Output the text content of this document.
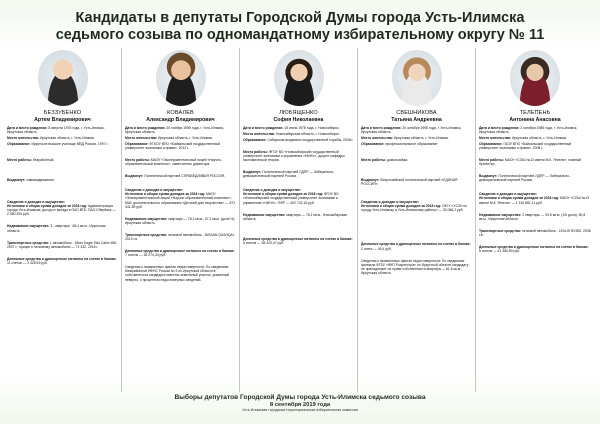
Кандидаты в депутаты Городской Думы города Усть-Илимска
седьмого созыва по одномандатному избирательному округу № 11
БЕЗЗУБЕНКО
Артем Владимирович
Дата и место рождения: 8 августа 1976 года, г. Усть-Илимск, Иркутская область.
Место жительства: Иркутская область, г. Усть-Илимск.
Образование: Иркутское высшее училище МВД России, 1997 г.
Место работы: безработный.
Выдвинут: самовыдвижение.
Сведения о доходах и имуществе:
Источники и общая сумма доходов за 2018 год: Администрация города Усть-Илимска, доход от вклада в ПАО ВТБ, ПАО Сбербанк — 2 080 394 руб.
Недвижимое имущество: 3 - квартира - 65,4 кв.м., Иркутская область.
Транспортные средства: 1 автомобиль - Silver Eagle Star Cabin 650, 2007 г., прицеп к легковому автомобилю — 71 432, 2018 г.
Денежные средства и драгоценные металлы на счетах в банках: 11 счетов — 3 425,53 руб.
КОВАЛЕВ
Александр Владимирович
Дата и место рождения: 20 ноября 1989 года, г. Усть-Илимск, Иркутская область.
Место жительства: Иркутская область, г. Усть-Илимск.
Образование: ФГБОУ ВПО «Байкальский государственный университет экономики и права», 2012 г.
Место работы: МАОУ «Экспериментальный лицей «Научно-образовательный комплекс», заместитель директора.
Выдвинут: Политической партией СПРАВЕДЛИВАЯ РОССИЯ.
Сведения о доходах и имуществе:
Источники и общая сумма доходов за 2018 год: МАОУ «Экспериментальный лицей «Научно-образовательный комплекс», МАУ дополнительного образования «Детский дом творчества» — 871 341,89 руб.
Недвижимое имущество: квартира — 78,1 кв.м., 47,2 кв.м. (доля ½), Иркутская область.
Транспортные средства: легковой автомобиль - NISSAN QASHQAI, 2013 г.в.
Денежные средства и драгоценные металлы на счетах в банках: 7 счетов — 18 274,33 руб.
Сведения о выявленных фактах недостоверности: По сведениям Межрайонной ИФНС России № 9 по Иркутской области в собственности кандидата имеется земельный участок, указанный неверно, с процентом недостоверных сведений.
ЛЮБЯЩЕНКО
София Николаевна
Дата и место рождения: 15 июня 1978 года, г. Новосибирск.
Место жительства: Новосибирская область, г. Новосибирск.
Образование: Сибирская академия государственной службы, 2008 г.
Место работы: ФГОУ ВО «Новосибирский государственный университет экономики и управления «НИНХ», доцент кафедры экономической теории.
Выдвинут: Политической партией ЛДПР — Либерально-демократической партией России.
Сведения о доходах и имуществе:
Источники и общая сумма доходов за 2018 год: ФГОУ ВО «Новосибирский государственный университет экономики и управления «НИНХ», ПФР — 402 742,16 руб.
Недвижимое имущество: квартира — 78,1 кв.м., Новосибирская область.
Денежные средства и драгоценные металлы на счетах в банках: 5 счетов — 38 420,47 руб.
СВЕШНИКОВА
Татьяна Андреевна
Дата и место рождения: 20 октября 1996 года, г. Усть-Илимск, Иркутская область.
Место жительства: Иркутская область, г. Усть-Илимск.
Образование: профессиональное образование
Место работы: домохозяйка.
Выдвинут: Всероссийской политической партией «ЕДИНАЯ РОССИЯ».
Сведения о доходах и имуществе:
Источники и общая сумма доходов за 2018 год: ОКГУ «УСЗН по городу Усть-Илимску и Усть-Илимскому району» — 30 066,2 руб.
Денежные средства и драгоценные металлы на счетах в банках: 2 счета — 45,4 руб.
Сведения о выявленных фактах недостоверности: По сведениям филиала ФГБУ «ФКП Росреестра» по Иркутской области кандидату не принадлежит на праве собственности квартира — 61,6 кв.м., Иркутская область.
ТЕЛЕПЕНЬ
Антонина Анасовна
Дата и место рождения: 2 октября 1985 года, г. Усть-Илимск, Иркутская область.
Место жительства: Иркутская область, г. Усть-Илимск.
Образование: ГАОУ ВПО «Байкальский государственный университет экономики и права», 2008 г.
Место работы: МАОУ «СОШ №13 имени М.К. Янгеля», главный бухгалтер.
Выдвинут: Политической партией ЛДПР — Либерально-демократической партией России.
Сведения о доходах и имуществе:
Источники и общая сумма доходов за 2018 год: МАОУ «СОШ №13 имени М.К. Янгеля» — 1 315 881,11 руб.
Недвижимое имущество: 2 квартиры — 93,5 кв.м. (1/5 доли), 50,8 кв.м., Иркутская область.
Транспортные средства: легковой автомобиль - LEXUS RX350, 2008 г.в.
Денежные средства и драгоценные металлы на счетах в банках: 8 счетов — 41 380,80 руб.
Выборы депутатов Городской Думы города Усть-Илимска седьмого созыва
8 сентября 2019 года
Усть-Илимская городская территориальная избирательная комиссия
